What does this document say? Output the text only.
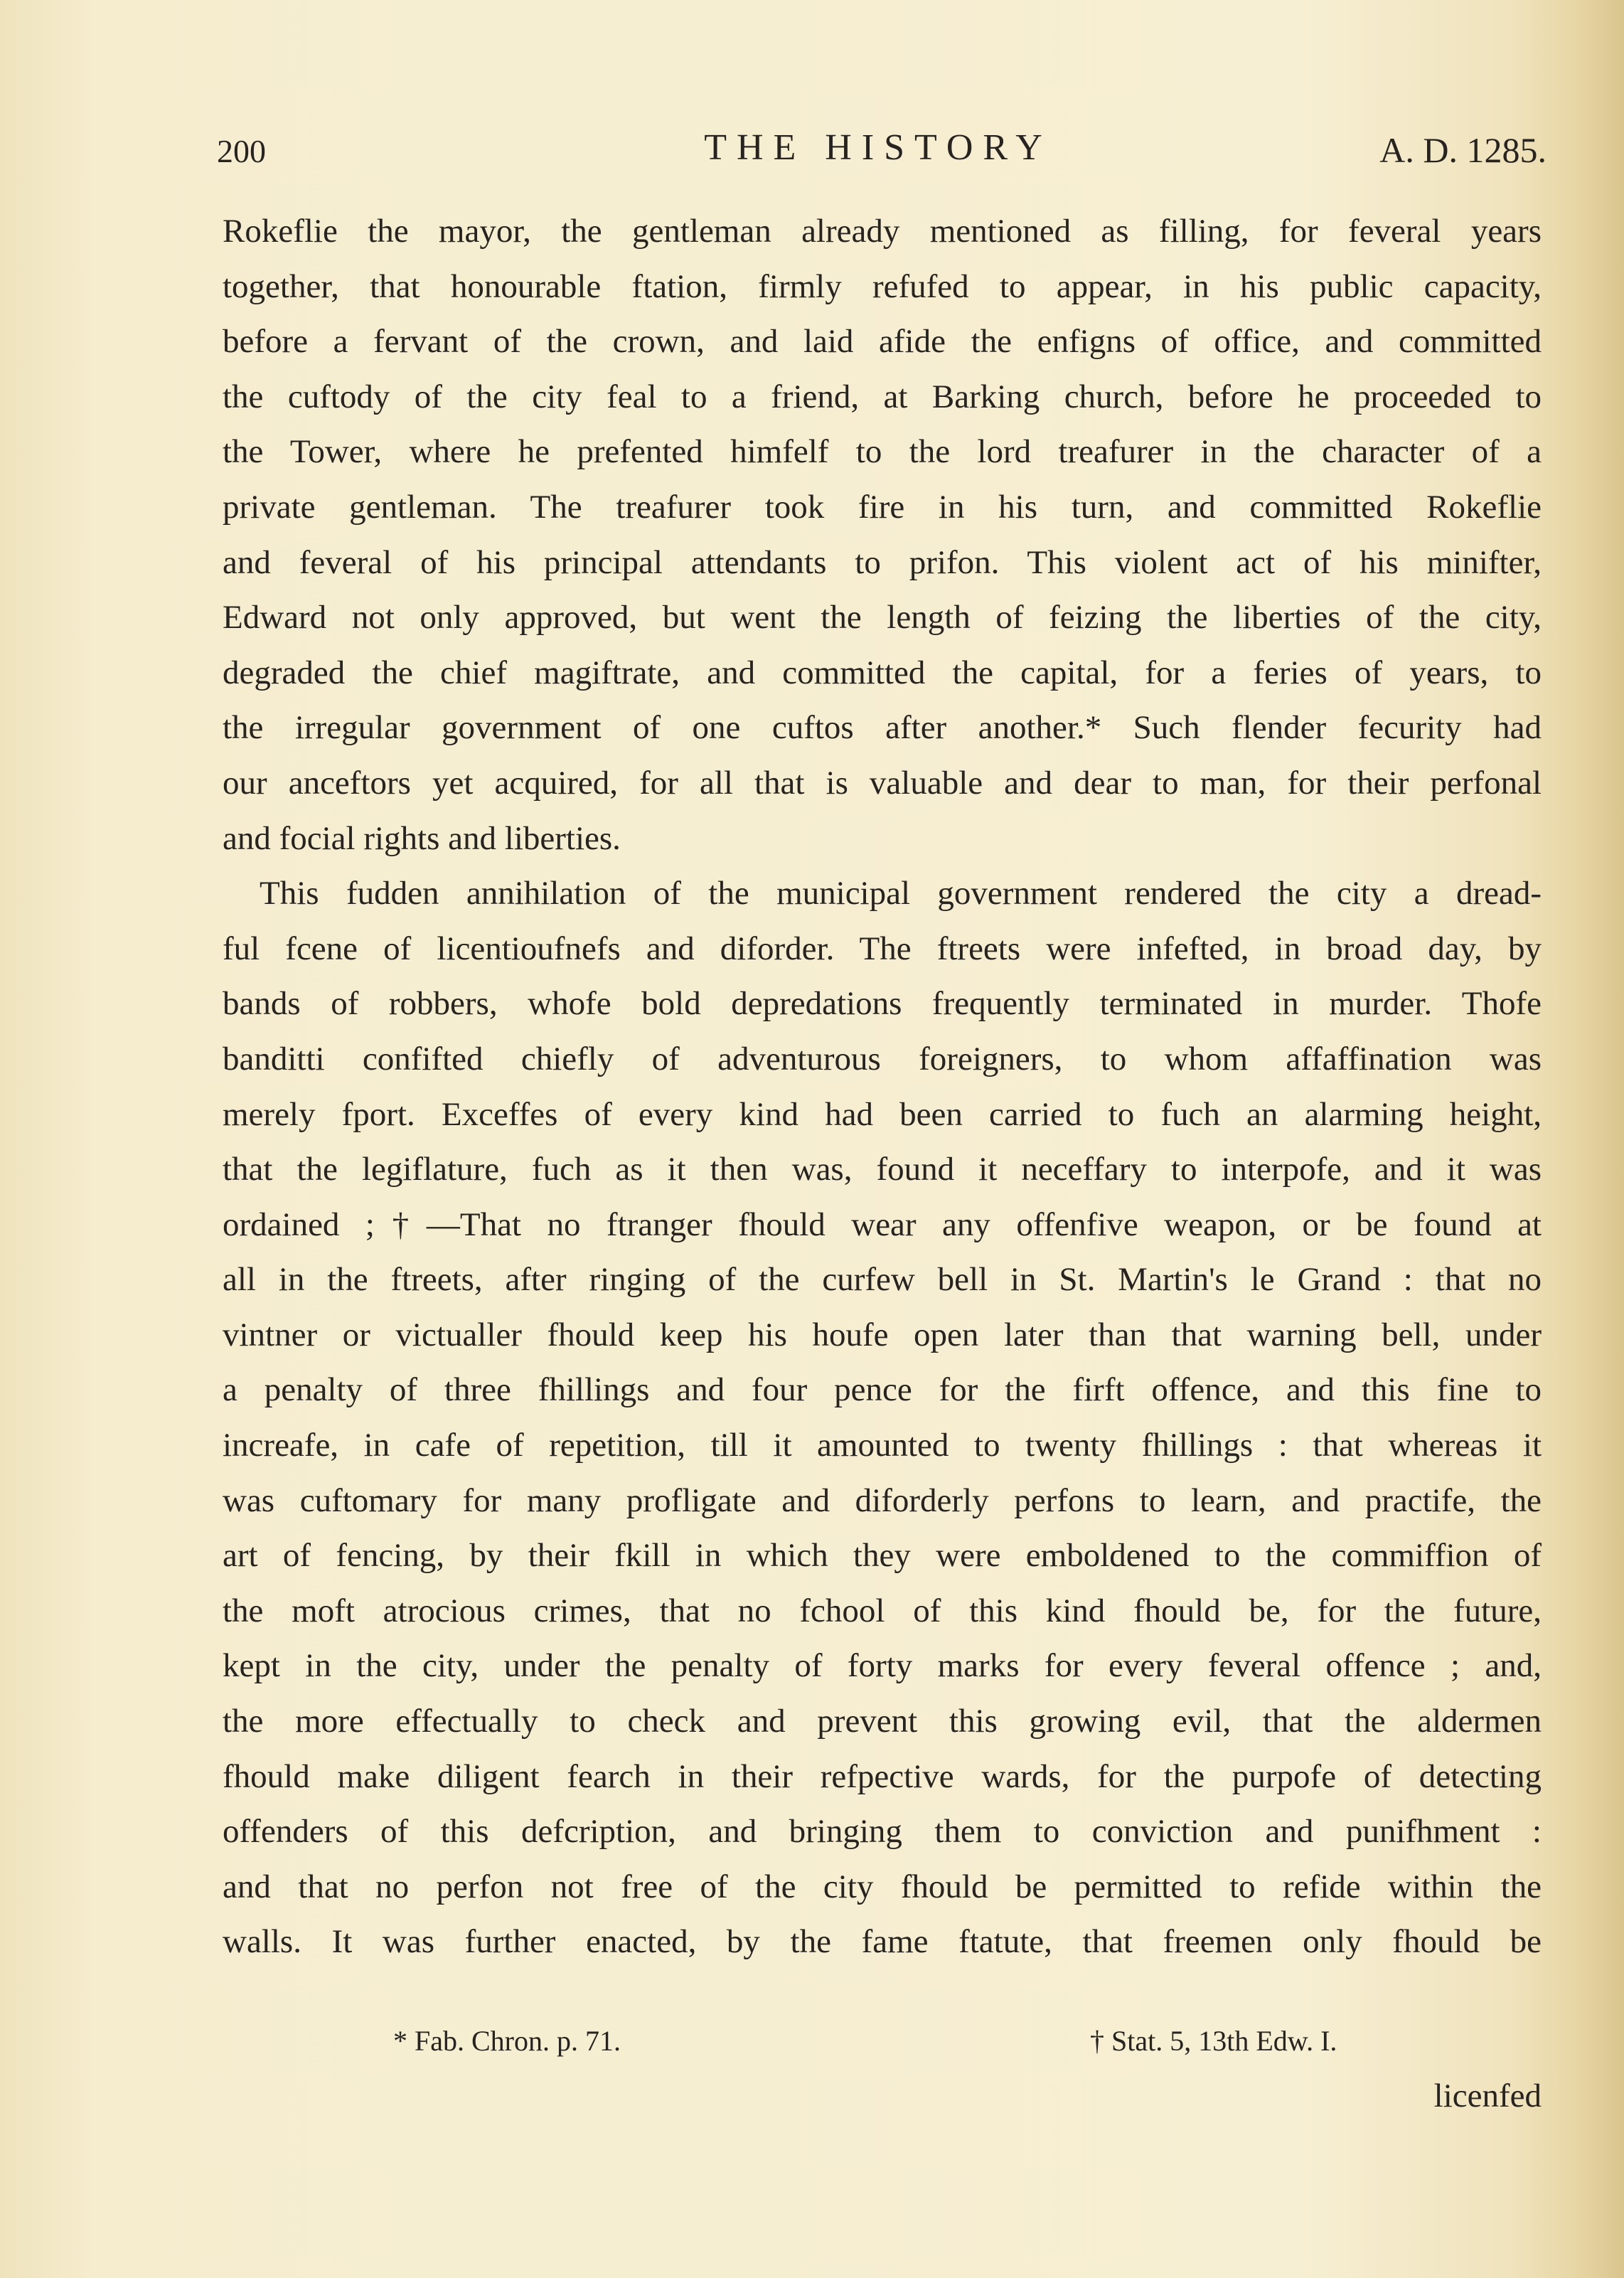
200	THE HISTORY	A. D. 1285.
Rokeflie the mayor, the gentleman already mentioned as filling, for feveral years
together, that honourable ftation, firmly refufed to appear, in his public capacity,
before a fervant of the crown, and laid afide the enfigns of office, and committed
the cuftody of the city feal to a friend, at Barking church, before he proceeded to
the Tower, where he prefented himfelf to the lord treafurer in the character of a
private gentleman. The treafurer took fire in his turn, and committed Rokeflie
and feveral of his principal attendants to prifon. This violent act of his minifter,
Edward not only approved, but went the length of feizing the liberties of the city,
degraded the chief magiftrate, and committed the capital, for a feries of years, to
the irregular government of one cuftos after another.* Such flender fecurity had
our anceftors yet acquired, for all that is valuable and dear to man, for their perfonal
and focial rights and liberties.
This fudden annihilation of the municipal government rendered the city a dread-
ful fcene of licentioufnefs and diforder. The ftreets were infefted, in broad day, by
bands of robbers, whofe bold depredations frequently terminated in murder. Thofe
banditti confifted chiefly of adventurous foreigners, to whom affaffination was
merely fport. Exceffes of every kind had been carried to fuch an alarming height,
that the legiflature, fuch as it then was, found it neceffary to interpofe, and it was
ordained ;†—That no ftranger fhould wear any offenfive weapon, or be found at
all in the ftreets, after ringing of the curfew bell in St. Martin's le Grand : that no
vintner or victualler fhould keep his houfe open later than that warning bell, under
a penalty of three fhillings and four pence for the firft offence, and this fine to
increafe, in cafe of repetition, till it amounted to twenty fhillings : that whereas it
was cuftomary for many profligate and diforderly perfons to learn, and practife, the
art of fencing, by their fkill in which they were emboldened to the commiffion of
the moft atrocious crimes, that no fchool of this kind fhould be, for the future,
kept in the city, under the penalty of forty marks for every feveral offence ; and,
the more effectually to check and prevent this growing evil, that the aldermen
fhould make diligent fearch in their refpective wards, for the purpofe of detecting
offenders of this defcription, and bringing them to conviction and punifhment :
and that no perfon not free of the city fhould be permitted to refide within the
walls. It was further enacted, by the fame ftatute, that freemen only fhould be
* Fab. Chron. p. 71.	† Stat. 5, 13th Edw. I.
licenfed
